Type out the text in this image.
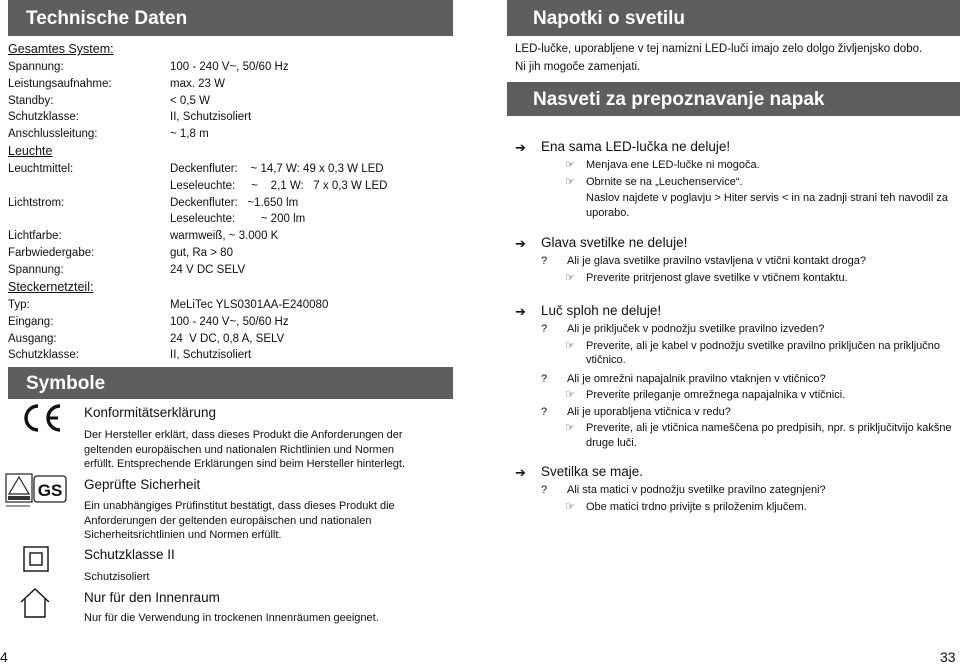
Technische Daten
Gesamtes System:
Spannung:	100 - 240 V~, 50/60 Hz
Leistungsaufnahme:	max. 23 W
Standby:	< 0,5 W
Schutzklasse:	II, Schutzisoliert
Anschlussleitung:	~ 1,8 m
Leuchte
Leuchtmittel:	Deckenfluter:    ~ 14,7 W: 49 x 0,3 W LED
Leseleuchte:     ~    2,1 W:   7 x 0,3 W LED
Lichtstrom:	Deckenfluter:   ~1.650 lm
Leseleuchte:        ~ 200 lm
Lichtfarbe:	warmweiß, ~ 3.000 K
Farbwiedergabe:	gut, Ra > 80
Spannung:	24 V DC SELV
Steckernetzteil:
Typ:	MeLiTec YLS0301AA-E240080
Eingang:	100 - 240 V~, 50/60 Hz
Ausgang:	24  V DC, 0,8 A, SELV
Schutzklasse:	II, Schutzisoliert
Symbole
Konformitätserklärung
Der Hersteller erklärt, dass dieses Produkt die Anforderungen der geltenden europäischen und nationalen Richtlinien und Normen erfüllt. Entsprechende Erklärungen sind beim Hersteller hinterlegt.
GS Geprüfte Sicherheit
Ein unabhängiges Prüfinstitut bestätigt, dass dieses Produkt die Anforderungen der geltenden europäischen und nationalen Sicherheitsrichtlinien und Normen erfüllt.
Schutzklasse II
Schutzisoliert
Nur für den Innenraum
Nur für die Verwendung in trockenen Innenräumen geeignet.
4
Napotki o svetilu
LED-lučke, uporabljene v tej namizni LED-luči imajo zelo dolgo življenjsko dobo.
Ni jih mogoče zamenjati.
Nasveti za prepoznavanje napak
➔ Ena sama LED-lučka ne deluje!
☞ Menjava ene LED-lučke ni mogoča.
☞ Obrnite se na „Leuchenservice“.
Naslov najdete v poglavju > Hiter servis < in na zadnji strani teh navodil za uporabo.
➔ Glava svetilke ne deluje!
? Ali je glava svetilke pravilno vstavljena v vtični kontakt droga?
☞ Preverite pritrjenost glave svetilke v vtičnem kontaktu.
➔ Luč sploh ne deluje!
? Ali je priključek v podnožju svetilke pravilno izveden?
☞ Preverite, ali je kabel v podnožju svetilke pravilno priključen na priključno vtičnico.
? Ali je omrežni napajalnik pravilno vtaknjen v vtičnico?
☞ Preverite prileganje omrežnega napajalnika v vtičnici.
? Ali je uporabljena vtičnica v redu?
☞ Preverite, ali je vtičnica nameščena po predpisih, npr. s priključitvijo kakšne druge luči.
➔ Svetilka se maje.
? Ali sta matici v podnožju svetilke pravilno zategnjeni?
☞ Obe matici trdno privijte s priloženim ključem.
33
